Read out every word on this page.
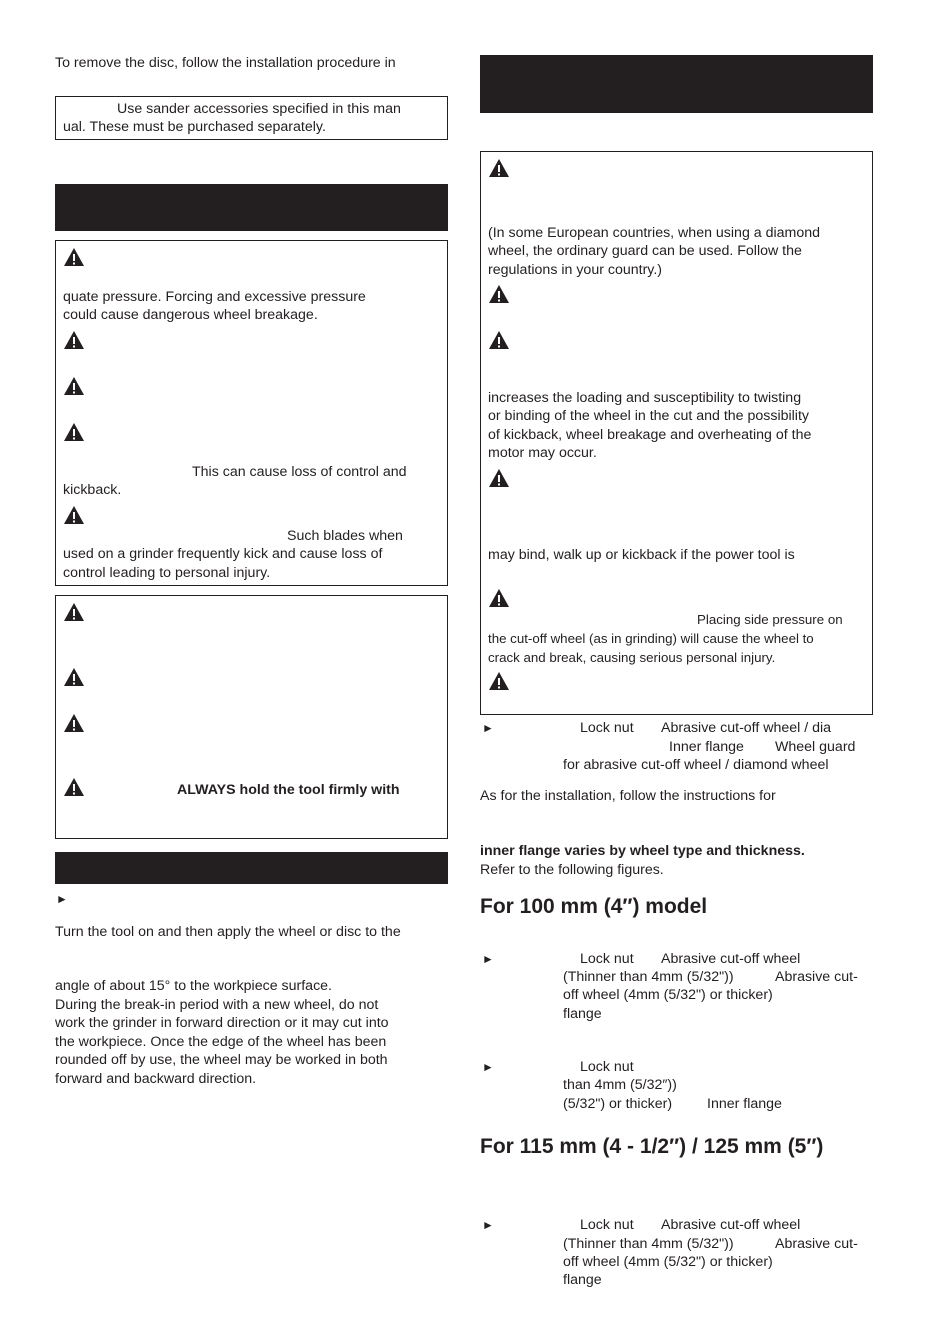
To remove the disc, follow the installation procedure in

Use sander accessories specified in this man

ual. These must be purchased separately.

quate pressure. Forcing and excessive pressure

could cause dangerous wheel breakage.

This can cause loss of control and

kickback.

Such blades when

used on a grinder frequently kick and cause loss of

control leading to personal injury.

ALWAYS hold the tool firmly with

►

Turn the tool on and then apply the wheel or disc to the

angle of about 15° to the workpiece surface.

During the break-in period with a new wheel, do not

work the grinder in forward direction or it may cut into

the workpiece. Once the edge of the wheel has been

rounded off by use, the wheel may be worked in both

forward and backward direction.

(In some European countries, when using a diamond

wheel, the ordinary guard can be used. Follow the

regulations in your country.)

increases the loading and susceptibility to twisting

or binding of the wheel in the cut and the possibility

of kickback, wheel breakage and overheating of the

motor may occur.

may bind, walk up or kickback if the power tool is

Placing side pressure on

the cut-off wheel (as in grinding) will cause the wheel to

crack and break, causing serious personal injury.

►	Lock nut Abrasive cut-off wheel / dia

Inner flange Wheel guard

for abrasive cut-off wheel / diamond wheel

As for the installation, follow the instructions for

inner flange varies by wheel type and thickness.

Refer to the following figures.

For 100 mm (4″) model

►	Lock nut Abrasive cut-off wheel

(Thinner than 4mm (5/32"))	Abrasive cut-

off wheel (4mm (5/32") or thicker)

flange

►	Lock nut

than 4mm (5/32″))

(5/32") or thicker) Inner flange

For 115 mm (4 - 1/2″) / 125 mm (5″)

►	Lock nut Abrasive cut-off wheel

(Thinner than 4mm (5/32"))	Abrasive cut-

off wheel (4mm (5/32") or thicker)

flange
